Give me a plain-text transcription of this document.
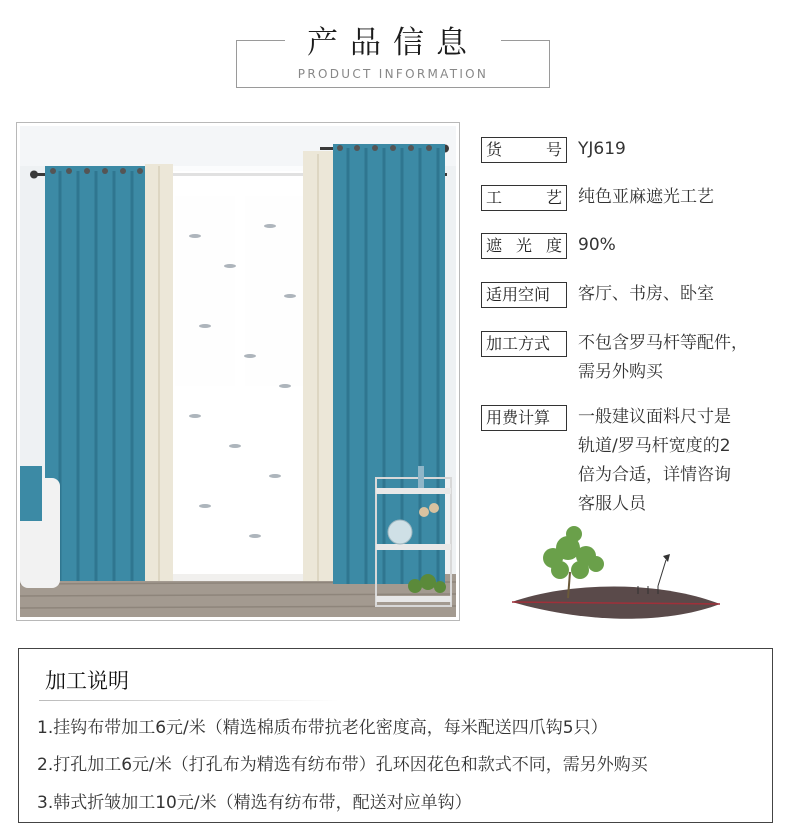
产品信息
PRODUCT INFORMATION
货	号 YJ619
工	艺 纯色亚麻遮光工艺
遮 光 度 90%
适用空间	客厅、书房、卧室
加工方式	不包含罗马杆等配件，
需另外购买
用费计算	一般建议面料尺寸是
轨道/罗马杆宽度的2
倍为合适，详情咨询
客服人员
加工说明
1.挂钩布带加工6元/米（精选棉质布带抗老化密度高，每米配送四爪钩5只）
2.打孔加工6元/米（打孔布为精选有纺布带）孔环因花色和款式不同，需另外购买
3.韩式折皱加工10元/米（精选有纺布带，配送对应单钩）
